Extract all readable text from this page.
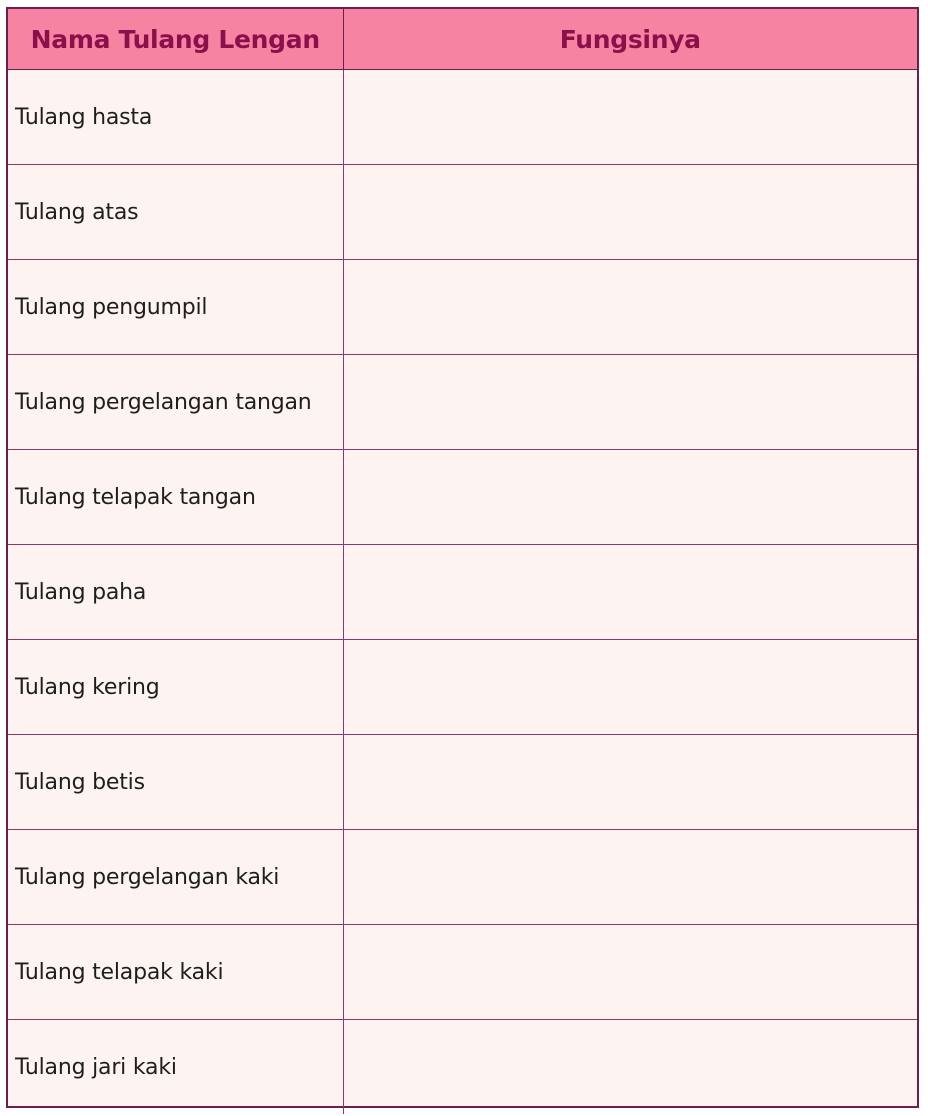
Nama Tulang Lengan	Fungsinya
Tulang hasta	
Tulang atas	
Tulang pengumpil	
Tulang pergelangan tangan	
Tulang telapak tangan	
Tulang paha	
Tulang kering	
Tulang betis	
Tulang pergelangan kaki	
Tulang telapak kaki	
Tulang jari kaki	
